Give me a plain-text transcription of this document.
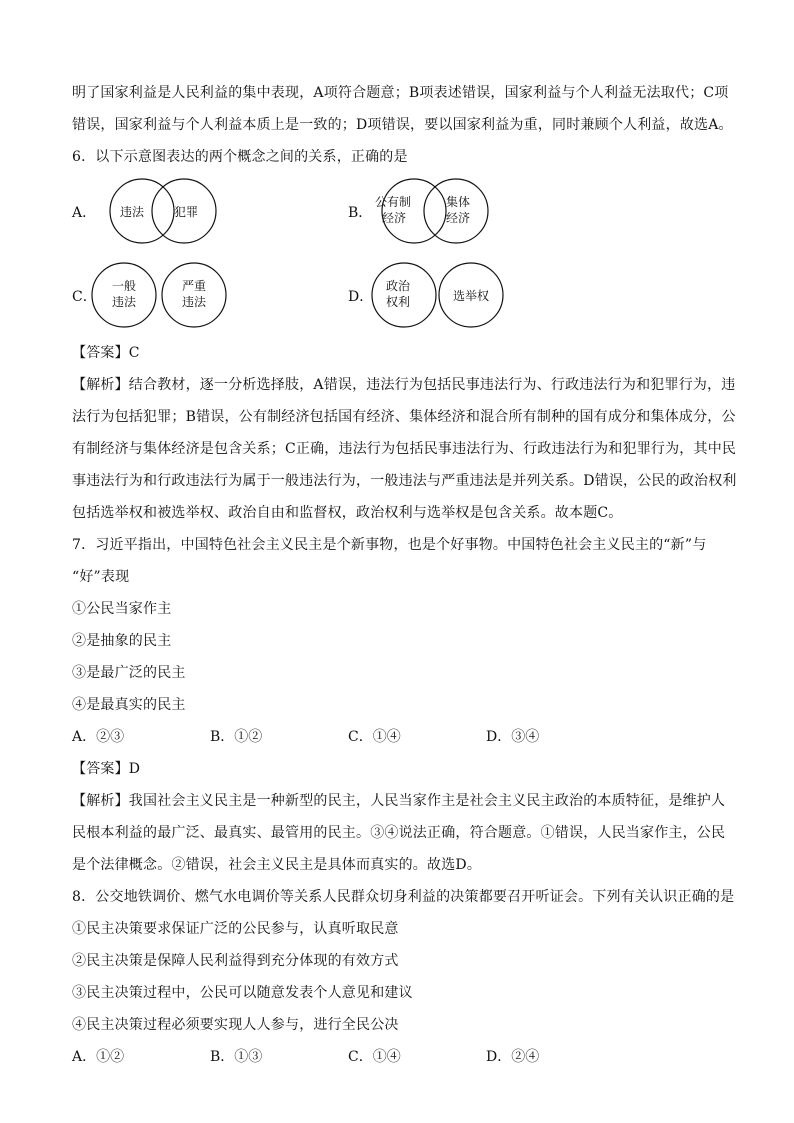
明了国家利益是人民利益的集中表现，A项符合题意；B项表述错误，国家利益与个人利益无法取代；C项
错误，国家利益与个人利益本质上是一致的；D项错误，要以国家利益为重，同时兼顾个人利益，故选A。
6．以下示意图表达的两个概念之间的关系，正确的是
A． 违法 犯罪	B．
公有制
经济
集体
经济
C．
一般
违法
严重
违法	D．
政治
权利	选举权
【答案】C
【解析】结合教材，逐一分析选择肢，A错误，违法行为包括民事违法行为、行政违法行为和犯罪行为，违
法行为包括犯罪；B错误，公有制经济包括国有经济、集体经济和混合所有制种的国有成分和集体成分，公
有制经济与集体经济是包含关系；C正确，违法行为包括民事违法行为、行政违法行为和犯罪行为，其中民
事违法行为和行政违法行为属于一般违法行为，一般违法与严重违法是并列关系。D错误，公民的政治权利
包括选举权和被选举权、政治自由和监督权，政治权利与选举权是包含关系。故本题C。
7．习近平指出，中国特色社会主义民主是个新事物，也是个好事物。中国特色社会主义民主的“新”与
“好”表现
①公民当家作主
②是抽象的民主
③是最广泛的民主
④是最真实的民主
A．②③	B．①②	C．①④	D．③④
【答案】D
【解析】我国社会主义民主是一种新型的民主，人民当家作主是社会主义民主政治的本质特征，是维护人
民根本利益的最广泛、最真实、最管用的民主。③④说法正确，符合题意。①错误，人民当家作主，公民
是个法律概念。②错误，社会主义民主是具体而真实的。故选D。
8．公交地铁调价、燃气水电调价等关系人民群众切身利益的决策都要召开听证会。下列有关认识正确的是
①民主决策要求保证广泛的公民参与，认真听取民意
②民主决策是保障人民利益得到充分体现的有效方式
③民主决策过程中，公民可以随意发表个人意见和建议
④民主决策过程必须要实现人人参与，进行全民公决
A．①②	B．①③	C．①④	D．②④
